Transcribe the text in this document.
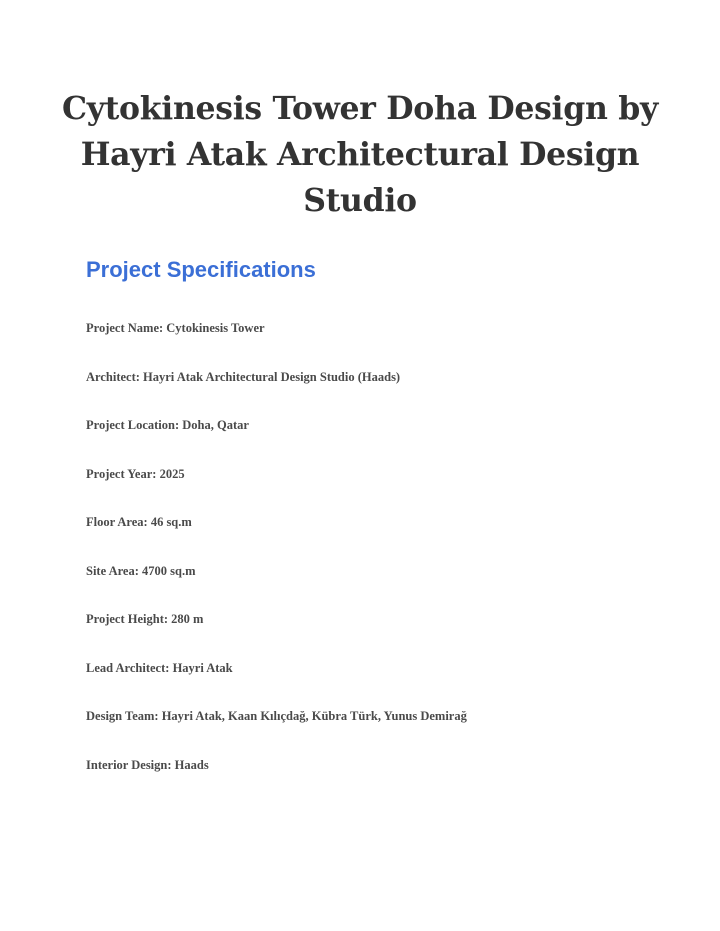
Cytokinesis Tower Doha Design by Hayri Atak Architectural Design Studio
Project Specifications
Project Name: Cytokinesis Tower
Architect: Hayri Atak Architectural Design Studio (Haads)
Project Location: Doha, Qatar
Project Year: 2025
Floor Area: 46 sq.m
Site Area: 4700 sq.m
Project Height: 280 m
Lead Architect: Hayri Atak
Design Team: Hayri Atak, Kaan Kılıçdağ, Kübra Türk, Yunus Demirağ
Interior Design: Haads
